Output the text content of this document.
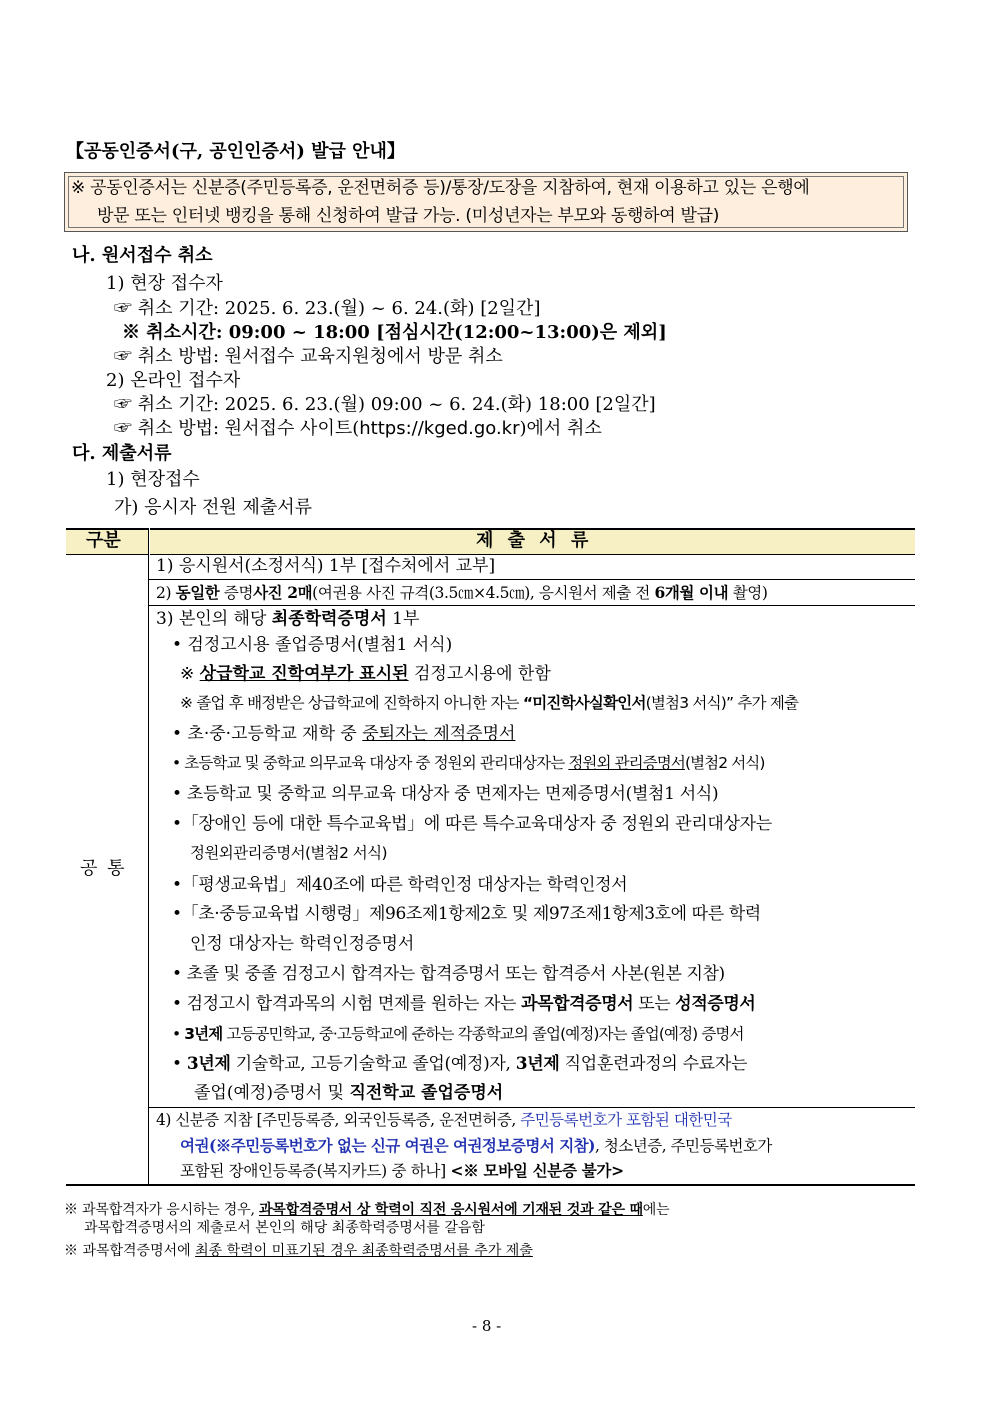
【공동인증서(구, 공인인증서) 발급 안내】
※ 공동인증서는 신분증(주민등록증, 운전면허증 등)/통장/도장을 지참하여, 현재 이용하고 있는 은행에
방문 또는 인터넷 뱅킹을 통해 신청하여 발급 가능. (미성년자는 부모와 동행하여 발급)
나. 원서접수 취소
1) 현장 접수자
☞ 취소 기간: 2025. 6. 23.(월) ~ 6. 24.(화) [2일간]
※ 취소시간: 09:00 ~ 18:00 [점심시간(12:00~13:00)은 제외]
☞ 취소 방법: 원서접수 교육지원청에서 방문 취소
2) 온라인 접수자
☞ 취소 기간: 2025. 6. 23.(월) 09:00 ~ 6. 24.(화) 18:00 [2일간]
☞ 취소 방법: 원서접수 사이트(https://kged.go.kr)에서 취소
다. 제출서류
1) 현장접수
가) 응시자 전원 제출서류
구분	제 출 서 류
공 통
1) 응시원서(소정서식) 1부 [접수처에서 교부]
2) 동일한 증명사진 2매(여권용 사진 규격(3.5㎝×4.5㎝), 응시원서 제출 전 6개월 이내 촬영)
3) 본인의 해당 최종학력증명서 1부
• 검정고시용 졸업증명서(별첨1 서식)
※ 상급학교 진학여부가 표시된 검정고시용에 한함
※ 졸업 후 배정받은 상급학교에 진학하지 아니한 자는 “미진학사실확인서(별첨3 서식)” 추가 제출
• 초·중·고등학교 재학 중 중퇴자는 제적증명서
• 초등학교 및 중학교 의무교육 대상자 중 정원외 관리대상자는 정원외 관리증명서(별첨2 서식)
• 초등학교 및 중학교 의무교육 대상자 중 면제자는 면제증명서(별첨1 서식)
•「장애인 등에 대한 특수교육법」에 따른 특수교육대상자 중 정원외 관리대상자는
정원외관리증명서(별첨2 서식)
•「평생교육법」제40조에 따른 학력인정 대상자는 학력인정서
•「초·중등교육법 시행령」제96조제1항제2호 및 제97조제1항제3호에 따른 학력
인정 대상자는 학력인정증명서
• 초졸 및 중졸 검정고시 합격자는 합격증명서 또는 합격증서 사본(원본 지참)
• 검정고시 합격과목의 시험 면제를 원하는 자는 과목합격증명서 또는 성적증명서
• 3년제 고등공민학교, 중·고등학교에 준하는 각종학교의 졸업(예정)자는 졸업(예정) 증명서
• 3년제 기술학교, 고등기술학교 졸업(예정)자, 3년제 직업훈련과정의 수료자는
졸업(예정)증명서 및 직전학교 졸업증명서
4) 신분증 지참 [주민등록증, 외국인등록증, 운전면허증, 주민등록번호가 포함된 대한민국
여권(※주민등록번호가 없는 신규 여권은 여권정보증명서 지참), 청소년증, 주민등록번호가
포함된 장애인등록증(복지카드) 중 하나] <※ 모바일 신분증 불가>
※ 과목합격자가 응시하는 경우, 과목합격증명서 상 학력이 직전 응시원서에 기재된 것과 같은 때에는
과목합격증명서의 제출로서 본인의 해당 최종학력증명서를 갈음함
※ 과목합격증명서에 최종 학력이 미표기된 경우 최종학력증명서를 추가 제출
- 8 -
